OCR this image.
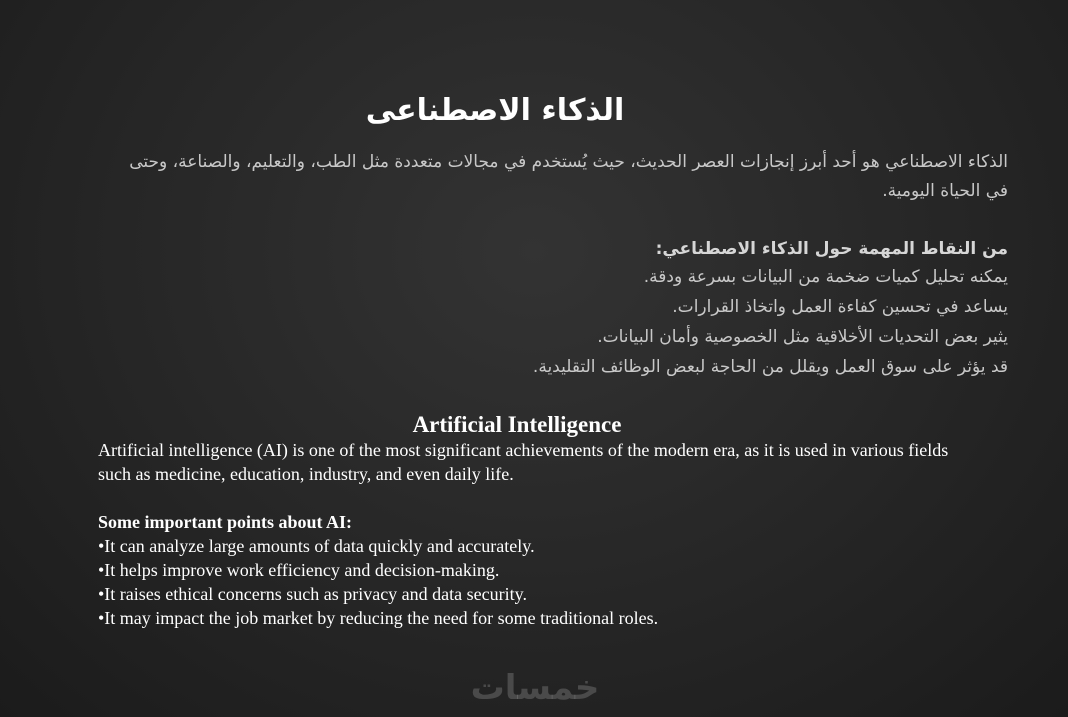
الذكاء الاصطناعى
الذكاء الاصطناعي هو أحد أبرز إنجازات العصر الحديث، حيث يُستخدم في مجالات متعددة مثل الطب، والتعليم، والصناعة، وحتى في الحياة اليومية.
من النقاط المهمة حول الذكاء الاصطناعي:
يمكنه تحليل كميات ضخمة من البيانات بسرعة ودقة.
يساعد في تحسين كفاءة العمل واتخاذ القرارات.
يثير بعض التحديات الأخلاقية مثل الخصوصية وأمان البيانات.
قد يؤثر على سوق العمل ويقلل من الحاجة لبعض الوظائف التقليدية.
Artificial Intelligence
Artificial intelligence (AI) is one of the most significant achievements of the modern era, as it is used in various fields such as medicine, education, industry, and even daily life.
Some important points about AI:
•It can analyze large amounts of data quickly and accurately.
•It helps improve work efficiency and decision-making.
•It raises ethical concerns such as privacy and data security.
•It may impact the job market by reducing the need for some traditional roles.
خمسات
